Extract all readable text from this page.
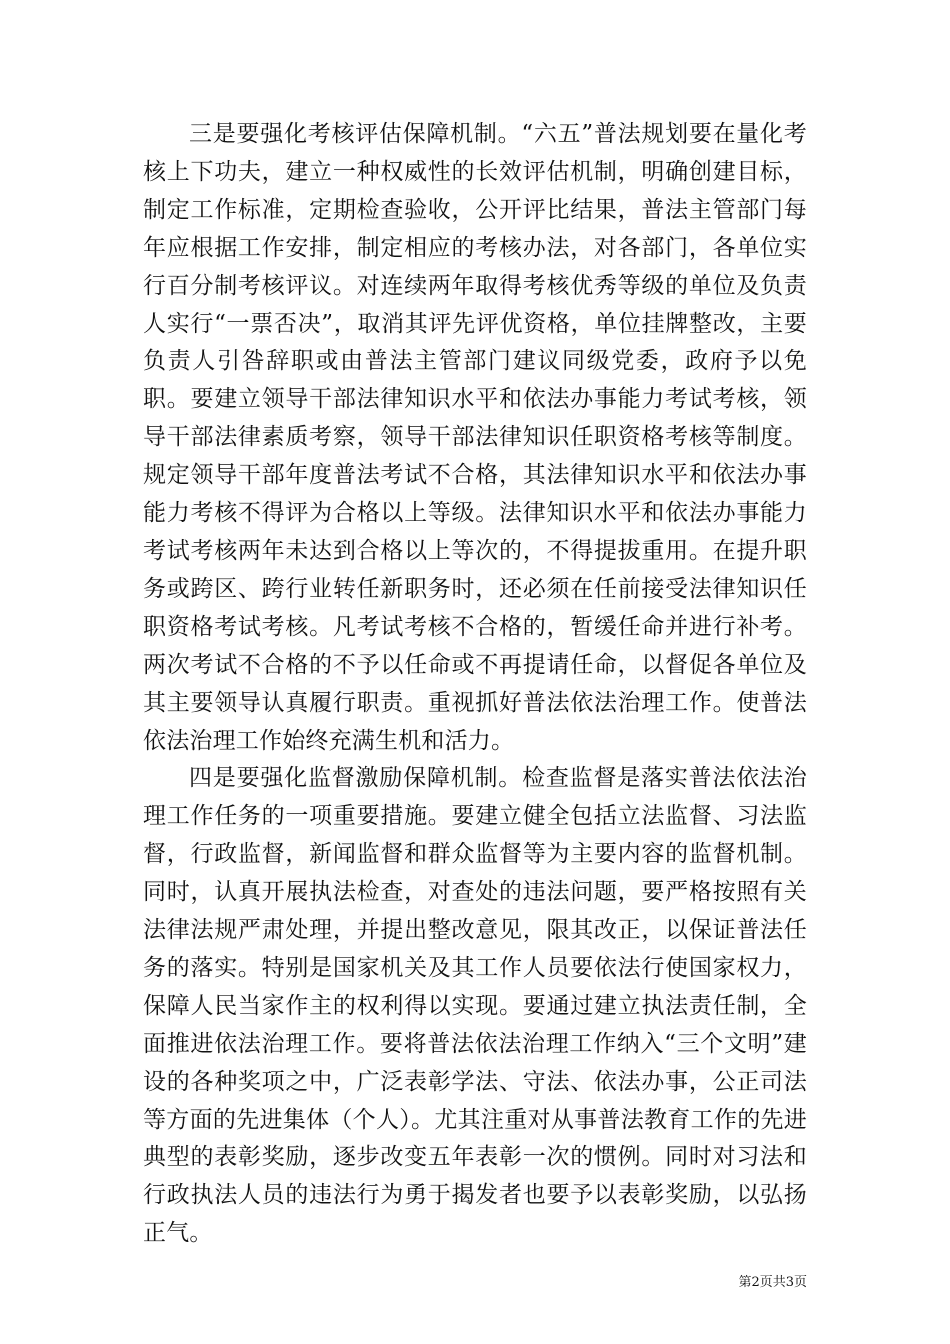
三是要强化考核评估保障机制。“六五”普法规划要在量化考核上下功夫，建立一种权威性的长效评估机制，明确创建目标，制定工作标准，定期检查验收，公开评比结果，普法主管部门每年应根据工作安排，制定相应的考核办法，对各部门，各单位实行百分制考核评议。对连续两年取得考核优秀等级的单位及负责人实行“一票否决”，取消其评先评优资格，单位挂牌整改，主要负责人引咎辞职或由普法主管部门建议同级党委，政府予以免职。要建立领导干部法律知识水平和依法办事能力考试考核，领导干部法律素质考察，领导干部法律知识任职资格考核等制度。规定领导干部年度普法考试不合格，其法律知识水平和依法办事能力考核不得评为合格以上等级。法律知识水平和依法办事能力考试考核两年未达到合格以上等次的，不得提拔重用。在提升职务或跨区、跨行业转任新职务时，还必须在任前接受法律知识任职资格考试考核。凡考试考核不合格的，暂缓任命并进行补考。两次考试不合格的不予以任命或不再提请任命，以督促各单位及其主要领导认真履行职责。重视抓好普法依法治理工作。使普法依法治理工作始终充满生机和活力。

四是要强化监督激励保障机制。检查监督是落实普法依法治理工作任务的一项重要措施。要建立健全包括立法监督、习法监督，行政监督，新闻监督和群众监督等为主要内容的监督机制。同时，认真开展执法检查，对查处的违法问题，要严格按照有关法律法规严肃处理，并提出整改意见，限其改正，以保证普法任务的落实。特别是国家机关及其工作人员要依法行使国家权力，保障人民当家作主的权利得以实现。要通过建立执法责任制，全面推进依法治理工作。要将普法依法治理工作纳入“三个文明”建设的各种奖项之中，广泛表彰学法、守法、依法办事，公正司法等方面的先进集体（个人）。尤其注重对从事普法教育工作的先进典型的表彰奖励，逐步改变五年表彰一次的惯例。同时对习法和行政执法人员的违法行为勇于揭发者也要予以表彰奖励，以弘扬正气。

第2页共3页
